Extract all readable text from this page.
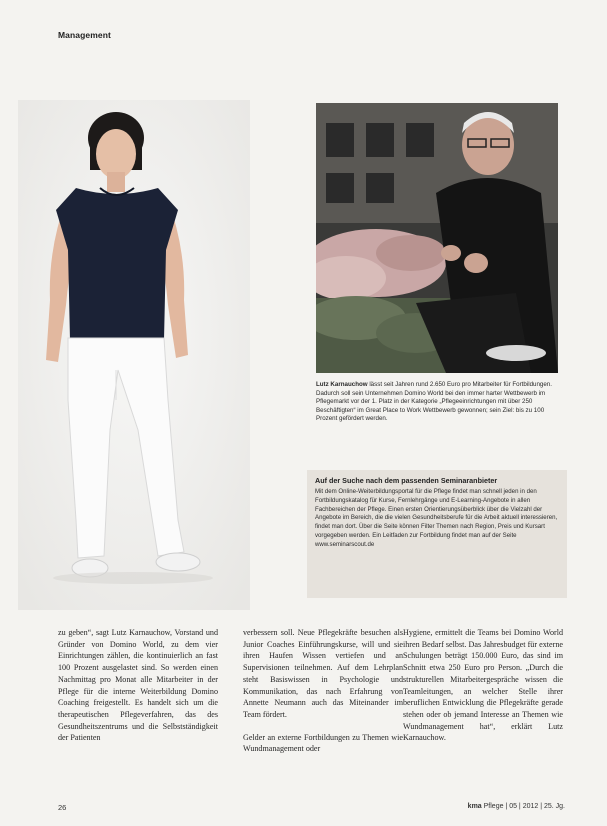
Management
Lutz Karnauchow lässt seit Jahren rund 2.650 Euro pro Mitarbeiter für Fortbildungen. Dadurch soll sein Unternehmen Domino World bei den immer harter Wettbewerb im Pflegemarkt vor der 1. Platz in der Kategorie „Pflegeeinrichtungen mit über 250 Beschäftigten“ im Great Place to Work Wettbewerb gewonnen; sein Ziel: bis zu 100 Prozent gefördert werden.
Auf der Suche nach dem passenden Seminaranbieter

Mit dem Online-Weiterbildungsportal für die Pflege findet man schnell jeden in den Fortbildungskatalog für Kurse, Fernlehrgänge und E-Learning-Angebote in allen Fachbereichen der Pflege. Einen ersten Orientierungsüberblick über die Vielzahl der Angebote im Bereich, die die vielen Gesundheitsberufe für die Arbeit aktuell interessieren, findet man dort. Über die Seite können Filter Themen nach Region, Preis und Kursart vorgegeben werden. Ein Leitfaden zur Fortbildung findet man auf der Seite www.seminarscout.de

zu geben“, sagt Lutz Karnauchow, Vorstand und Gründer von Domino World, zu dem vier Einrichtungen zählen, die kontinuierlich an fast 100 Prozent ausgelastet sind. So werden einen Nachmittag pro Monat alle Mitarbeiter in der Pflege für die interne Weiterbildung Domino Coaching freigestellt. Es handelt sich um die therapeutischen Pflegeverfahren, das des Gesundheitszentrums und die Selbstständigkeit der Patienten

verbessern soll. Neue Pflegekräfte besuchen als Junior Coaches Einführungskurse, will und sie ihren Haufen Wissen vertiefen und an Supervisionen teilnehmen. Auf dem Lehrplan steht Basiswissen in Psychologie und Kommunikation, das nach Erfahrung von Annette Neumann auch das Miteinander im Team fördert.

Gelder an externe Fortbildungen zu Themen wie Wundmanagement oder

Hygiene, ermittelt die Teams bei Domino World ihren Bedarf selbst. Das Jahresbudget für externe Schulungen beträgt 150.000 Euro, das sind im Schnitt etwa 250 Euro pro Person. „Durch die strukturellen Mitarbeitergespräche wissen die Teamleitungen, an welcher Stelle ihrer beruflichen Entwicklung die Pflegekräfte gerade stehen oder ob jemand Interesse an Themen wie Wundmanagement hat“, erklärt Lutz Karnauchow.

26	kma Pflege | 05 | 2012 | 25. Jg.
